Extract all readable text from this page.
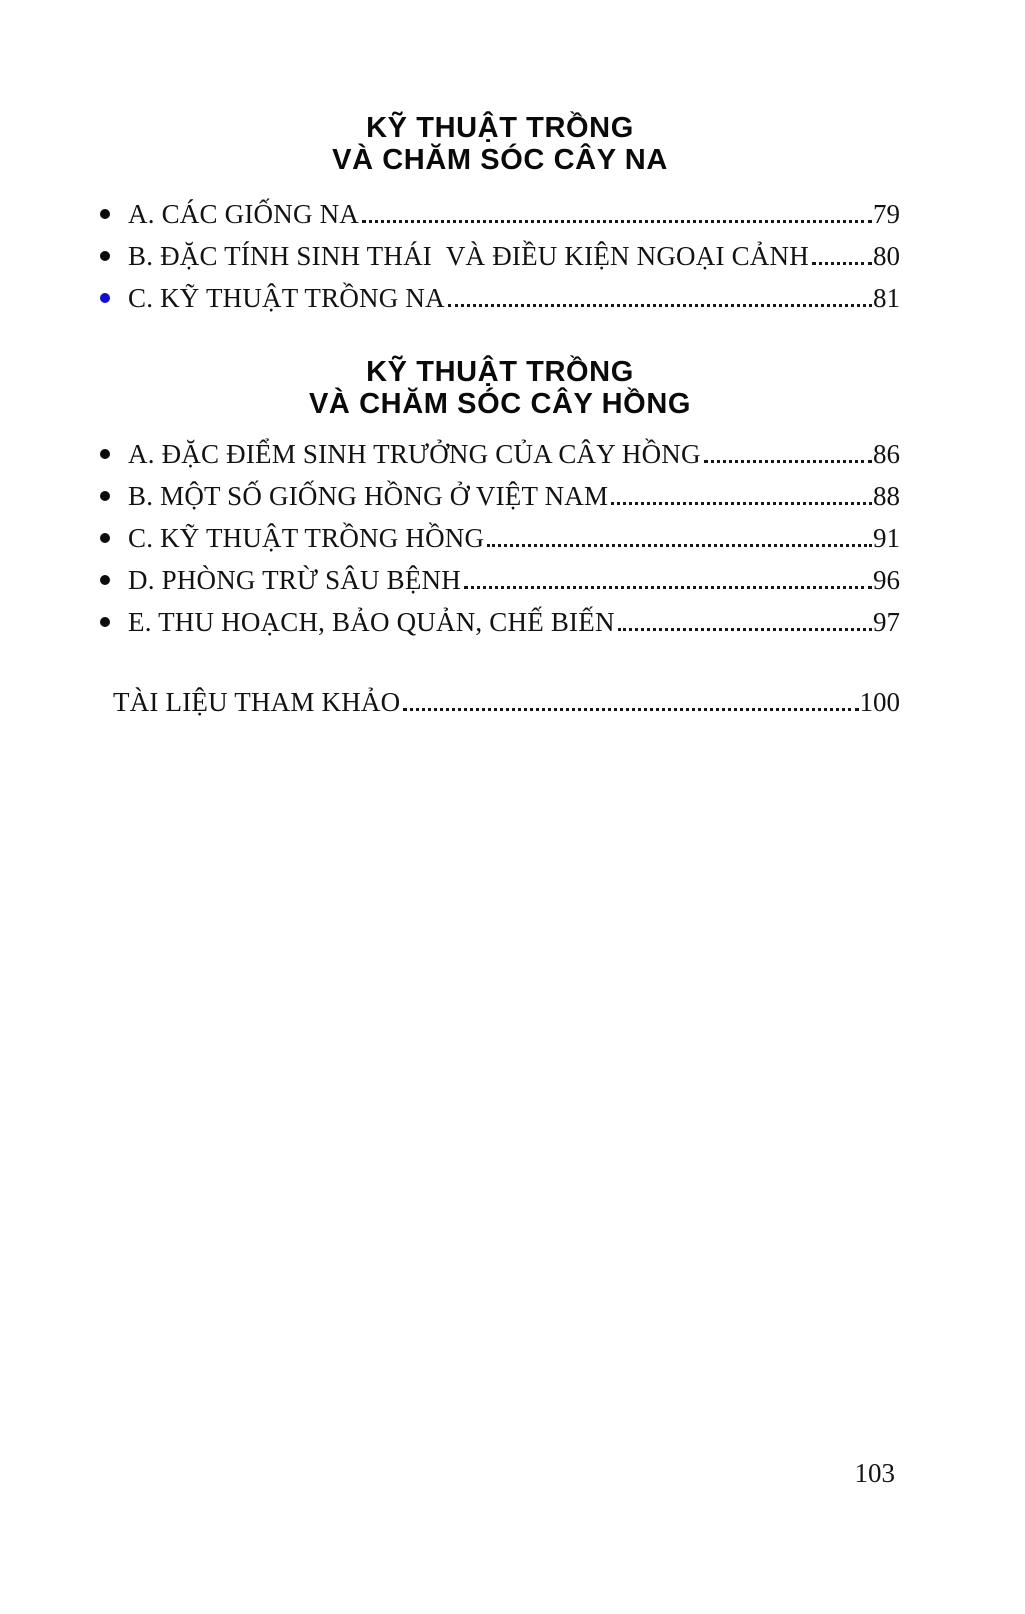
KỸ THUẬT TRỒNG
VÀ CHĂM SÓC CÂY NA
A. CÁC GIỐNG NA	79
B. ĐẶC TÍNH SINH THÁI  VÀ ĐIỀU KIỆN NGOẠI CẢNH 80
C. KỸ THUẬT TRỒNG NA	81
KỸ THUẬT TRỒNG
VÀ CHĂM SÓC CÂY HỒNG
A. ĐẶC ĐIỂM SINH TRƯỞNG CỦA CÂY HỒNG	86
B. MỘT SỐ GIỐNG HỒNG Ở VIỆT NAM	88
C. KỸ THUẬT TRỒNG HỒNG	91
D. PHÒNG TRỪ SÂU BỆNH	96
E. THU HOẠCH, BẢO QUẢN, CHẾ BIẾN	97
TÀI LIỆU THAM KHẢO	100
103
